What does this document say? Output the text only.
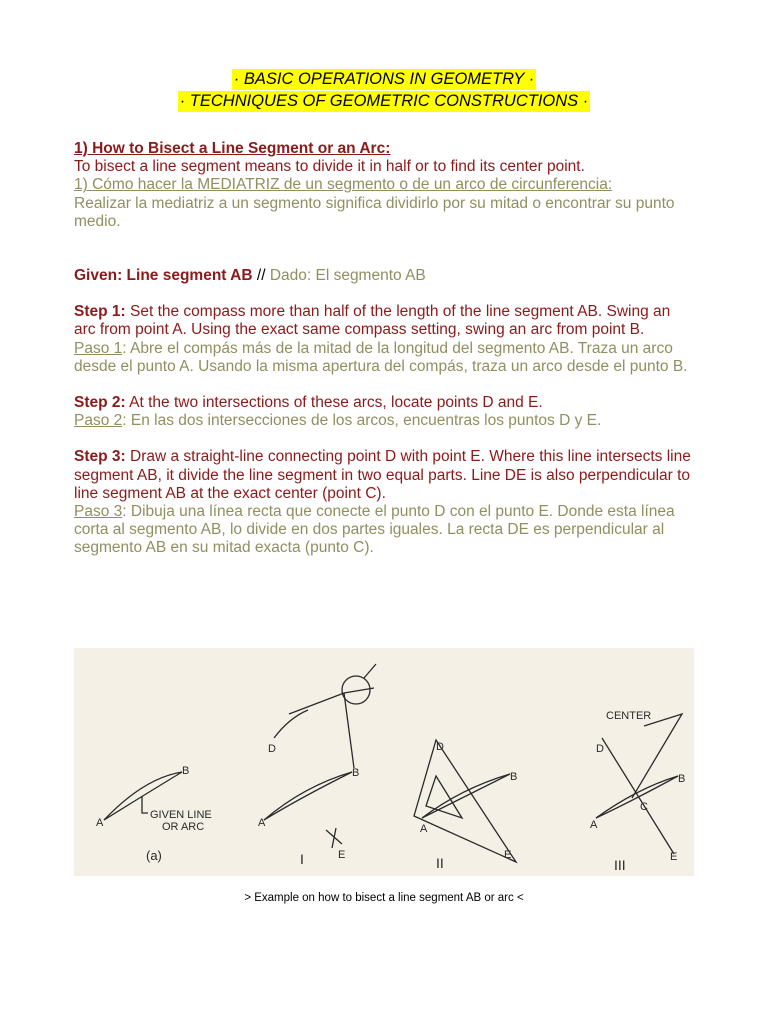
· BASIC OPERATIONS IN GEOMETRY ·
· TECHNIQUES OF GEOMETRIC CONSTRUCTIONS ·

1) How to Bisect a Line Segment or an Arc:

To bisect a line segment means to divide it in half or to find its center point.

1) Cómo hacer la MEDIATRIZ de un segmento o de un arco de circunferencia:

Realizar la mediatriz a un segmento significa dividirlo por su mitad o encontrar su punto medio.

Given: Line segment AB // Dado: El segmento AB

Step 1: Set the compass more than half of the length of the line segment AB. Swing an arc from point A. Using the exact same compass setting, swing an arc from point B.

Paso 1: Abre el compás más de la mitad de la longitud del segmento AB. Traza un arco desde el punto A. Usando la misma apertura del compás, traza un arco desde el punto B.

Step 2: At the two intersections of these arcs, locate points D and E.

Paso 2: En las dos intersecciones de los arcos, encuentras los puntos D y E.

Step 3: Draw a straight-line connecting point D with point E. Where this line intersects line segment AB, it divide the line segment in two equal parts. Line DE is also perpendicular to line segment AB at the exact center (point C).

Paso 3: Dibuja una línea recta que conecte el punto D con el punto E. Donde esta línea corta al segmento AB, lo divide en dos partes iguales. La recta DE es perpendicular al segmento AB en su mitad exacta (punto C).

A
B
GIVEN LINE
OR ARC
(a)
D
A
B
E
I
D
A
B
E
II
CENTER
D
A
B
C
E
III
> Example on how to bisect a line segment AB or arc <
